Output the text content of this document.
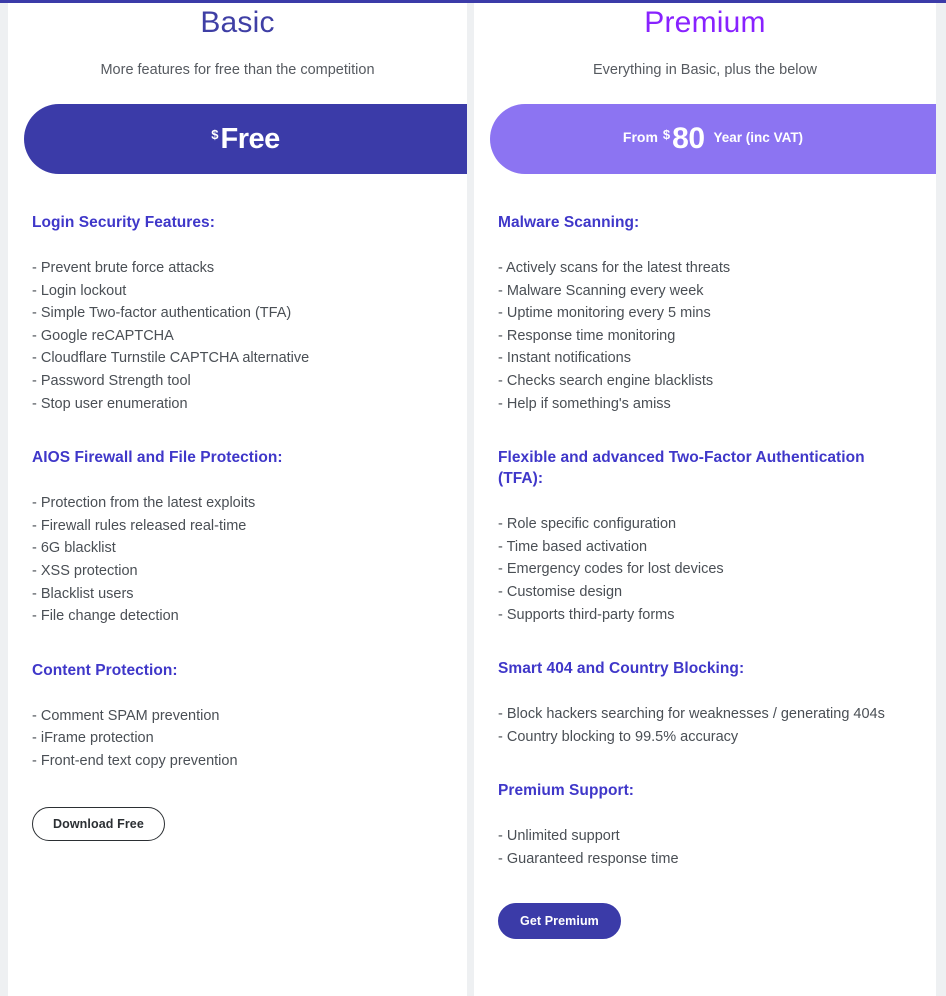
Basic
More features for free than the competition
$ Free
Login Security Features:
- Prevent brute force attacks
- Login lockout
- Simple Two-factor authentication (TFA)
- Google reCAPTCHA
- Cloudflare Turnstile CAPTCHA alternative
- Password Strength tool
- Stop user enumeration
AIOS Firewall and File Protection:
- Protection from the latest exploits
- Firewall rules released real-time
- 6G blacklist
- XSS protection
- Blacklist users
- File change detection
Content Protection:
- Comment SPAM prevention
- iFrame protection
- Front-end text copy prevention
Download Free
Premium
Everything in Basic, plus the below
From $ 80 Year (inc VAT)
Malware Scanning:
- Actively scans for the latest threats
- Malware Scanning every week
- Uptime monitoring every 5 mins
- Response time monitoring
- Instant notifications
- Checks search engine blacklists
- Help if something's amiss
Flexible and advanced Two-Factor Authentication (TFA):
- Role specific configuration
- Time based activation
- Emergency codes for lost devices
- Customise design
- Supports third-party forms
Smart 404 and Country Blocking:
- Block hackers searching for weaknesses / generating 404s
- Country blocking to 99.5% accuracy
Premium Support:
- Unlimited support
- Guaranteed response time
Get Premium
